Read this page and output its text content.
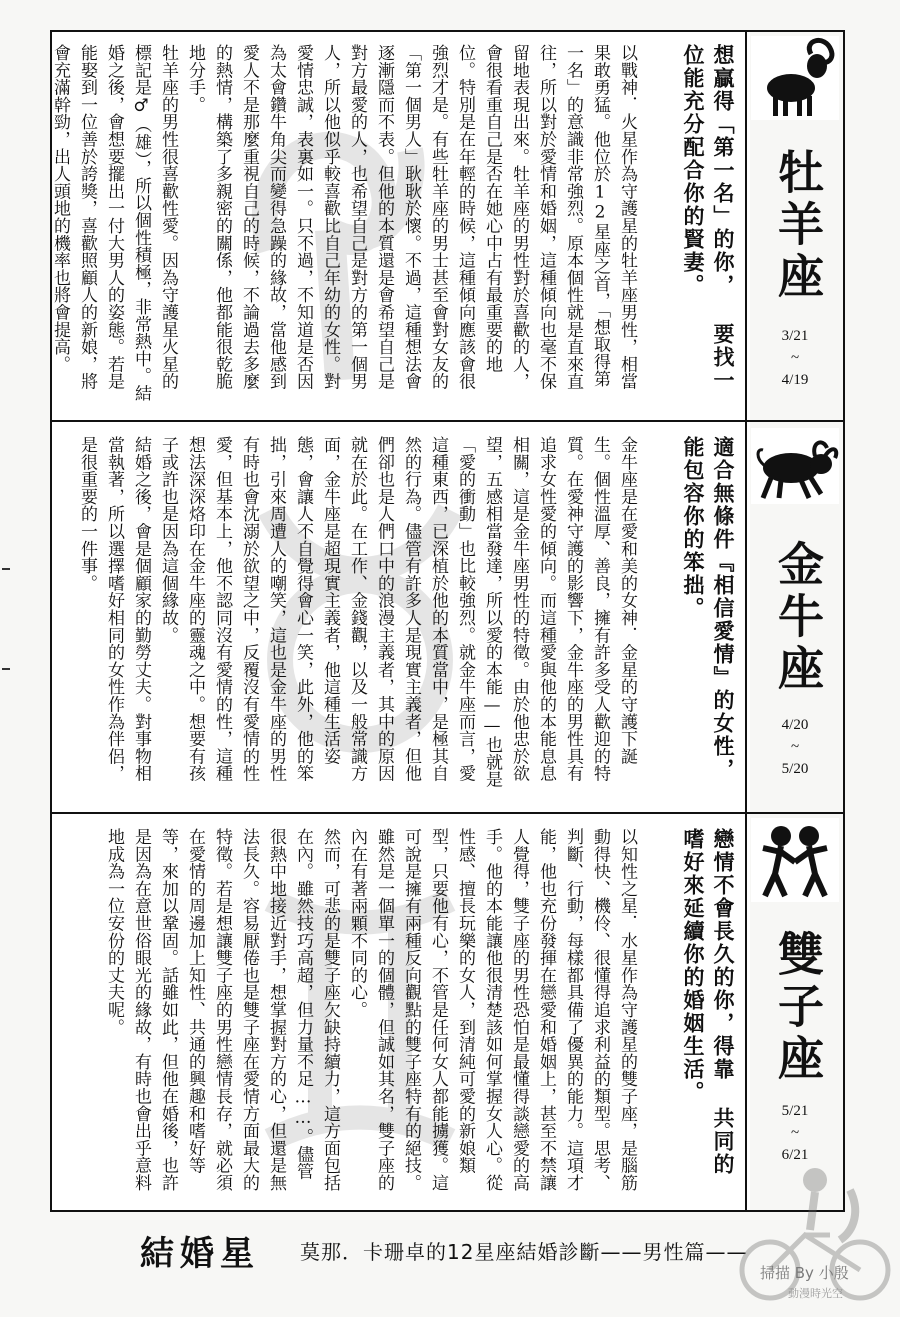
以戰神．火星作為守護星的牡羊座男性，相當果敢勇猛。他位於12星座之首，「想取得第一名」的意識非常強烈。原本個性就是直來直往，所以對於愛情和婚姻，這種傾向也毫不保留地表現出來。牡羊座的男性對於喜歡的人，會很看重自己是否在她心中占有最重要的地位。特別是在年輕的時候，這種傾向應該會很強烈才是。有些牡羊座的男士甚至會對女友的「第一個男人」耿耿於懷。不過，這種想法會逐漸隱而不表。但他的本質還是會希望自己是對方最愛的人，也希望自己是對方的第一個男人，所以他似乎較喜歡比自己年幼的女性。對愛情忠誠，表裏如一。只不過，不知道是否因為太會鑽牛角尖而變得急躁的緣故，當他感到愛人不是那麼重視自己的時候，不論過去多麼的熱情，構築了多親密的關係，他都能很乾脆地分手。
牡羊座的男性很喜歡性愛。因為守護星火星的標記是♂（雄），所以個性積極，非常熱中。結婚之後，會想要擺出一付大男人的姿態。若是能娶到一位善於誇獎，喜歡照顧人的新娘，將會充滿幹勁，出人頭地的機率也將會提高。	想贏得「第一名」的你， 要找一位能充分配合你的賢妻。	牡羊座
3/21
~
4/19
金牛座是在愛和美的女神．金星的守護下誕生。個性溫厚、善良，擁有許多受人歡迎的特質。在愛神守護的影響下，金牛座的男性具有追求女性愛的傾向。而這種愛與他的本能息息相關，這是金牛座男性的特徵。由於他忠於欲望，五感相當發達，所以愛的本能——也就是「愛的衝動」也比較強烈。就金牛座而言，愛這種東西，已深植於他的本質當中，是極其自然的行為。儘管有許多人是現實主義者，但他們卻也是人們口中的浪漫主義者，其中的原因就在於此。在工作、金錢觀，以及一般常識方面，金牛座是超現實主義者，他這種生活姿態，會讓人不自覺得會心一笑，此外，他的笨拙，引來周遭人的嘲笑，這也是金牛座的男性有時也會沈溺於欲望之中，反覆沒有愛情的性愛，但基本上，他不認同沒有愛情的性，這種想法深深烙印在金牛座的靈魂之中。想要有孩子或許也是因為這個緣故。
結婚之後，會是個顧家的勤勞丈夫。對事物相當執著，所以選擇嗜好相同的女性作為伴侶，是很重要的一件事。	適合無條件『相信愛情』的女性， 能包容你的笨拙。	金牛座
4/20
~
5/20
以知性之星．水星作為守護星的雙子座，是腦筋動得快、機伶、很懂得追求利益的類型。思考、判斷、行動，每樣都具備了優異的能力。這項才能，他也充份發揮在戀愛和婚姻上，甚至不禁讓人覺得，雙子座的男性恐怕是最懂得談戀愛的高手。他的本能讓他很清楚該如何掌握女人心。從性感、擅長玩樂的女人，到清純可愛的新娘類型，只要他有心，不管是任何女人都能擄獲。這可說是擁有兩種反向觀點的雙子座特有的絕技。雖然是一個單一的個體，但誠如其名，雙子座的內在有著兩顆不同的心。
然而，可悲的是雙子座欠缺持續力，這方面包括在內。雖然技巧高超，但力量不足……。儘管很熱中地接近對手，想掌握對方的心，但還是無法長久。容易厭倦也是雙子座在愛情方面最大的特徵。若是想讓雙子座的男性戀情長存，就必須在愛情的周邊加上知性、共通的興趣和嗜好等等，來加以鞏固。話雖如此，但他在婚後，也許是因為在意世俗眼光的緣故，有時也會出乎意料地成為一位安份的丈夫呢。	戀情不會長久的你，得靠 共同的嗜好來延續你的婚姻生活。	雙子座
5/21
~
6/21
結婚星 莫那．卡珊卓的12星座結婚診斷——男性篇——
掃描 By 小殷
動漫時光空
